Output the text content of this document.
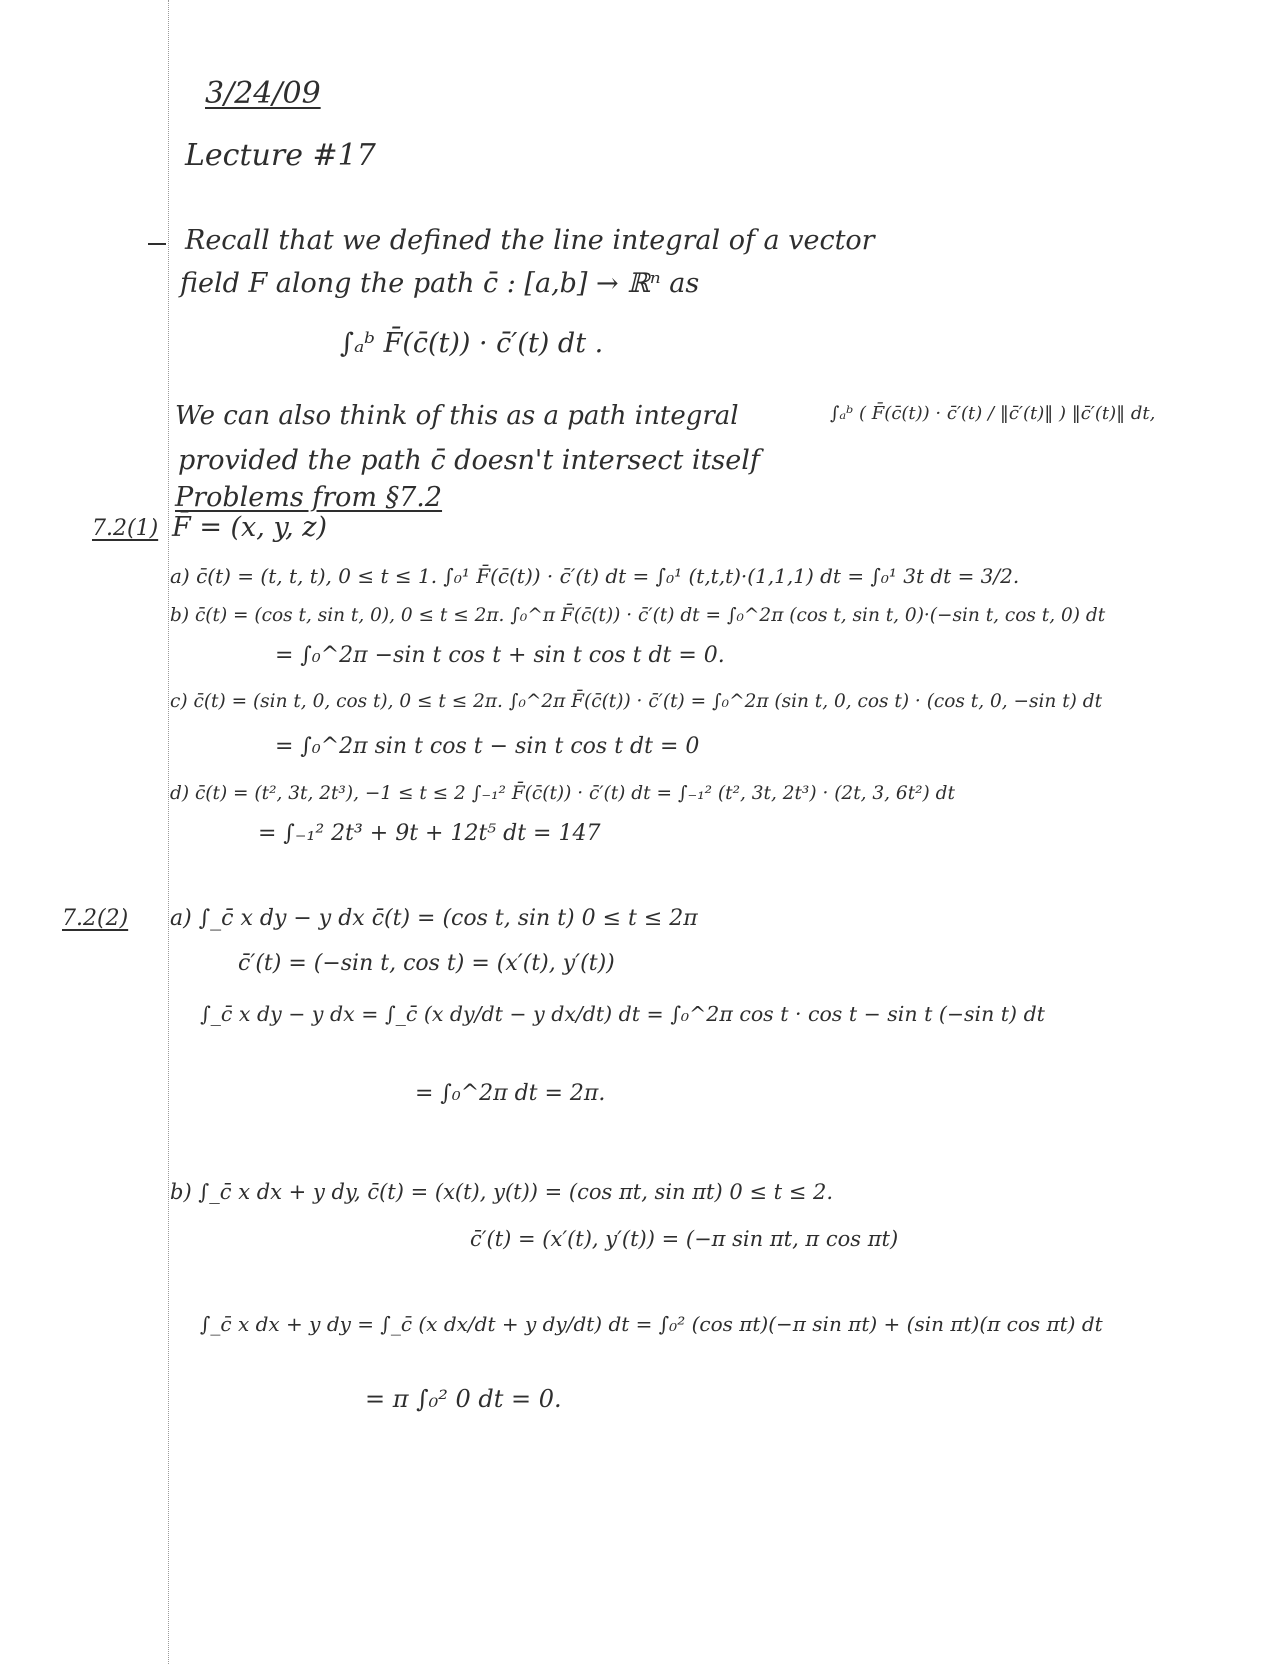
3/24/09
Lecture #17
Recall that we defined the line integral of a vector
field F along the path c̄ : [a,b] → ℝⁿ as
∫ₐᵇ F̄(c̄(t)) · c̄′(t) dt .
We can also think of this as a path integral	∫ₐᵇ ( F̄(c̄(t)) · c̄′(t) / ‖c̄′(t)‖ ) ‖c̄′(t)‖ dt,
provided the path c̄ doesn't intersect itself
Problems from §7.2
7.2(1) F̄ = (x, y, z)
a) c̄(t) = (t, t, t), 0 ≤ t ≤ 1. ∫₀¹ F̄(c̄(t)) · c̄′(t) dt = ∫₀¹ (t,t,t)·(1,1,1) dt = ∫₀¹ 3t dt = 3/2.
b) c̄(t) = (cos t, sin t, 0), 0 ≤ t ≤ 2π. ∫₀^π F̄(c̄(t)) · c̄′(t) dt = ∫₀^2π (cos t, sin t, 0)·(−sin t, cos t, 0) dt
= ∫₀^2π −sin t cos t + sin t cos t dt = 0.
c) c̄(t) = (sin t, 0, cos t), 0 ≤ t ≤ 2π. ∫₀^2π F̄(c̄(t)) · c̄′(t) = ∫₀^2π (sin t, 0, cos t) · (cos t, 0, −sin t) dt
= ∫₀^2π sin t cos t − sin t cos t dt = 0
d) c̄(t) = (t², 3t, 2t³), −1 ≤ t ≤ 2 ∫₋₁² F̄(c̄(t)) · c̄′(t) dt = ∫₋₁² (t², 3t, 2t³) · (2t, 3, 6t²) dt
= ∫₋₁² 2t³ + 9t + 12t⁵ dt = 147
7.2(2) a) ∫_c̄ x dy − y dx c̄(t) = (cos t, sin t) 0 ≤ t ≤ 2π
c̄′(t) = (−sin t, cos t) = (x′(t), y′(t))
∫_c̄ x dy − y dx = ∫_c̄ (x dy/dt − y dx/dt) dt = ∫₀^2π cos t · cos t − sin t (−sin t) dt
= ∫₀^2π dt = 2π.
b) ∫_c̄ x dx + y dy, c̄(t) = (x(t), y(t)) = (cos πt, sin πt) 0 ≤ t ≤ 2.
c̄′(t) = (x′(t), y′(t)) = (−π sin πt, π cos πt)
∫_c̄ x dx + y dy = ∫_c̄ (x dx/dt + y dy/dt) dt = ∫₀² (cos πt)(−π sin πt) + (sin πt)(π cos πt) dt
= π ∫₀² 0 dt = 0.
